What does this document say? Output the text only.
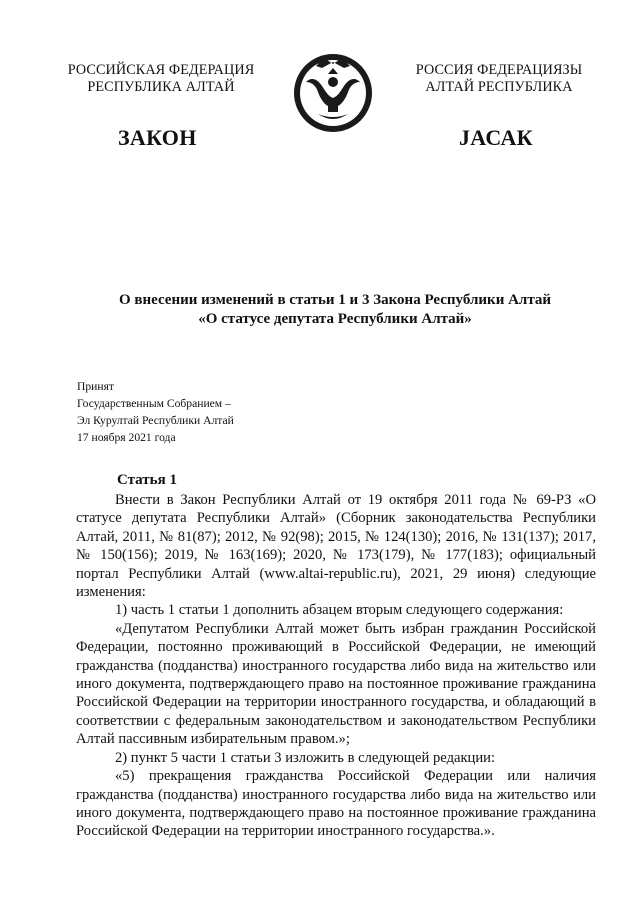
РОССИЙСКАЯ ФЕДЕРАЦИЯ
РЕСПУБЛИКА АЛТАЙ
РОССИЯ ФЕДЕРАЦИЯЗЫ
АЛТАЙ РЕСПУБЛИКА
ЗАКОН	JАСАК
О внесении изменений в статьи 1 и 3 Закона Республики Алтай
«О статусе депутата Республики Алтай»
Принят
Государственным Собранием –
Эл Курултай Республики Алтай
17 ноября 2021 года
Статья 1

Внести в Закон Республики Алтай от 19 октября 2011 года № 69-РЗ «О статусе депутата Республики Алтай» (Сборник законодательства Республики Алтай, 2011, № 81(87); 2012, № 92(98); 2015, № 124(130); 2016, № 131(137); 2017, № 150(156); 2019, № 163(169); 2020, № 173(179), № 177(183); официальный портал Республики Алтай (www.altai-republic.ru), 2021, 29 июня) следующие изменения:

1) часть 1 статьи 1 дополнить абзацем вторым следующего содержания:

«Депутатом Республики Алтай может быть избран гражданин Российской Федерации, постоянно проживающий в Российской Федерации, не имеющий гражданства (подданства) иностранного государства либо вида на жительство или иного документа, подтверждающего право на постоянное проживание гражданина Российской Федерации на территории иностранного государства, и обладающий в соответствии с федеральным законодательством и законодательством Республики Алтай пассивным избирательным правом.»;

2) пункт 5 части 1 статьи 3 изложить в следующей редакции:

«5) прекращения гражданства Российской Федерации или наличия гражданства (подданства) иностранного государства либо вида на жительство или иного документа, подтверждающего право на постоянное проживание гражданина Российской Федерации на территории иностранного государства.».
